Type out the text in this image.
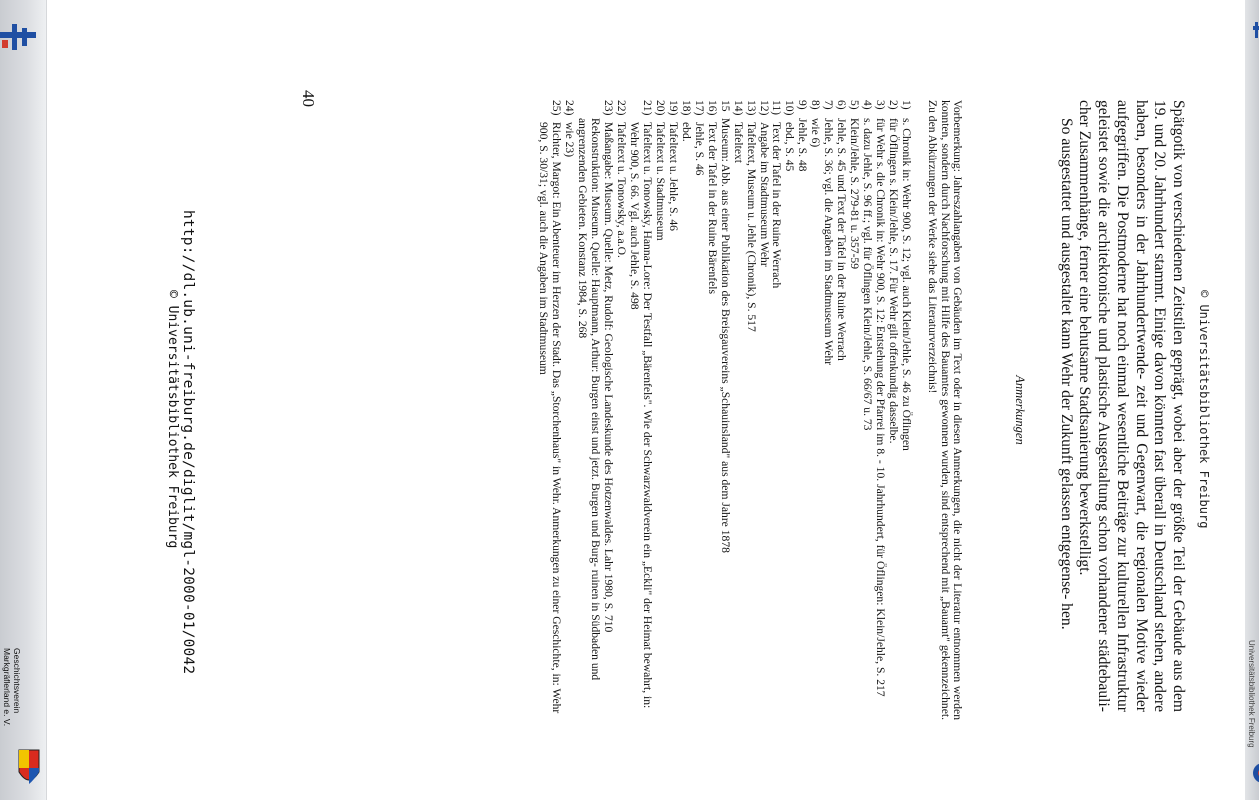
Geschichtsverein
Markgräflerland e. V.	Universitätsbibliothek Freiburg
© Universitätsbibliothek Freiburg

Spätgotik von verschiedenen Zeitstilen geprägt, wobei aber der größte Teil der Gebäude aus dem 19. und 20. Jahrhundert stammt. Einige davon könnten fast überall in Deutschland stehen, andere haben, besonders in der Jahrhundertwende- zeit und Gegenwart, die regionalen Motive wieder aufgegriffen. Die Postmoderne hat noch einmal wesentliche Beiträge zur kulturellen Infrastruktur geleistet sowie die architektonische und plastische Ausgestaltung schon vorhandener städtebauli- cher Zusammenhänge, ferner eine behutsame Stadtsanierung bewerkstelligt.

So ausgestattet und ausgestaltet kann Wehr der Zukunft gelassen entgegense- hen.

Anmerkungen
Vorbemerkung: Jahreszahlangaben von Gebäuden im Text oder in diesen Anmerkungen, die nicht der Literatur entnommen werden konnten, sondern durch Nachforschung mit Hilfe des Bauamtes gewonnen wurden, sind entsprechend mit „Bauamt" gekennzeichnet. Zu den Abkürzungen der Werke siehe das Literaturverzeichnis!
1)
s. Chronik in: Wehr 900, S. 12; vgl. auch Klein/Jehle, S. 46 zu Öflingen
2)
für Öflingen s. Klein/Jehle, S. 17. Für Wehr gilt offenkundig dasselbe.
3)
für Wehr s. die Chronik in: Wehr 900, S. 12: Entstehung der Pfarrei im 8. - 10. Jahrhundert, für Öflingen: Klein/Jehle, S. 217
4)
s. dazu Jehle, S. 96 ff.; vgl. für Öflingen Klein/Jehle, S. 66/67 u. 73
5)
Klein/Jehle, S. 279-81 u. 357-59
6)
Jehle, S. 45 und Text der Tafel in der Ruine Werrach
7)
Jehle, S. 36; vgl. die Angaben im Stadtmuseum Wehr
8)
wie 6)
9)
Jehle, S. 48
10)
ebd., S. 45
11)
Text der Tafel in der Ruine Werrach
12)
Angabe im Stadtmuseum Wehr
13)
Tafeltext, Museum u. Jehle (Chronik), S. 517
14)
Tafeltext
15
Museum: Abb. aus einer Publikation des Breisgauvereins „Schauinsland" aus dem Jahre 1878
16)
Text der Tafel in der Ruine Bärenfels
17)
Jehle, S. 46
18)
ebd.
19)
Tafeltext u. Jehle, S. 46
20)
Tafeltext u. Stadtmuseum
21)
Tafeltext u. Tonowsky, Hanna-Lore: Der Testfall „Bärenfels". Wie der Schwarzwaldverein ein „Eckli" der Heimat bewahrt, in: Wehr 900, S. 66. Vgl. auch Jehle, S. 498
22)
Tafeltext u. Tonowsky, a.a.O.
23)
Maßangabe: Museum. Quelle: Metz, Rudolf: Geologische Landeskunde des Hotzenwaldes. Lahr 1980, S. 710
Rekonstruktion: Museum. Quelle: Hauptmann, Arthur: Burgen einst und jetzt. Burgen und Burg- ruinen in Südbaden und angrenzenden Gebieten. Konstanz 1984, S. 268
24)
wie 23)
25)
Richter, Margot: Ein Abenteuer im Herzen der Stadt. Das „Storchenhaus" in Wehr. Anmerkungen zu einer Geschichte, in: Wehr 900, S. 30/31; vgl. auch die Angaben im Stadtmuseum
40
http://dl.ub.uni-freiburg.de/diglit/mgl-2000-01/0042
© Universitätsbibliothek Freiburg
